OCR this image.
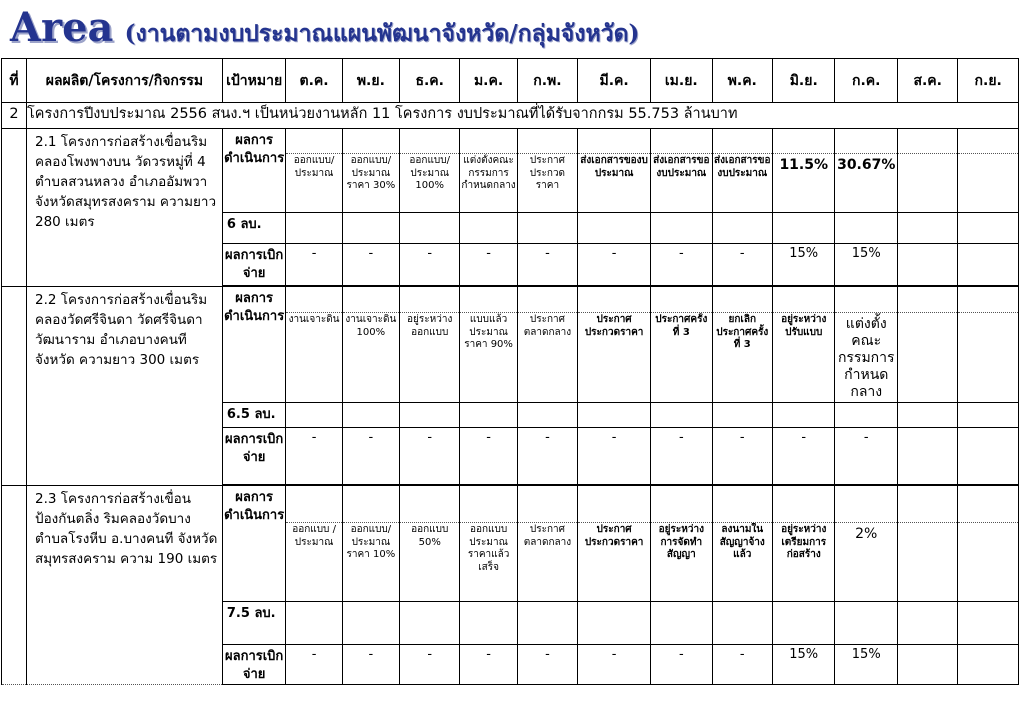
Area (งานตามงบประมาณแผนพัฒนาจังหวัด/กลุ่มจังหวัด)
ที่	ผลผลิต/โครงการ/กิจกรรม	เป้าหมาย	ต.ค.	พ.ย.	ธ.ค.	ม.ค.	ก.พ.	มี.ค.	เม.ย.	พ.ค.	มิ.ย.	ก.ค.	ส.ค.	ก.ย.
2	โครงการปีงบประมาณ 2556 สนง.ฯ เป็นหน่วยงานหลัก 11 โครงการ งบประมาณที่ได้รับจากกรม 55.753 ล้านบาท													
	2.1 โครงการก่อสร้างเขื่อนริมคลองโพงพางบน วัดวรหมู่ที่ 4 ตำบลสวนหลวง อำเภออัมพวา จังหวัดสมุทรสงคราม ความยาว 280 เมตร	ผลการดำเนินการ												
			ออกแบบ/ประมาณ	ออกแบบ/ประมาณราคา 30%	ออกแบบ/ประมาณ 100%	แต่งตั้งคณะกรรมการกำหนดกลาง	ประกาศประกวดราคา	ส่งเอกสารของบประมาณ	ส่งเอกสารของบประมาณ	ส่งเอกสารของบประมาณ	11.5%	30.67%		
		6 ลบ.												
		ผลการเบิกจ่าย	-	-	-	-	-	-	-	-	15%	15%		

	2.2 โครงการก่อสร้างเขื่อนริมคลองวัดศรีจินดา วัดศรีจินดาวัฒนาราม อำเภอบางคนที จังหวัด ความยาว 300 เมตร	ผลการดำเนินการ												
			งานเจาะดิน	งานเจาะดิน 100%	อยู่ระหว่างออกแบบ	แบบแล้วประมาณราคา 90%	ประกาศตลาดกลาง	ประกาศประกวดราคา	ประกาศครั้งที่ 3	ยกเลิกประกาศครั้งที่ 3	อยู่ระหว่างปรับแบบ	แต่งตั้งคณะกรรมการกำหนดกลาง		
		6.5 ลบ.												
		ผลการเบิกจ่าย	-	-	-	-	-	-	-	-	-	-		

	2.3 โครงการก่อสร้างเขื่อนป้องกันตลิ่ง ริมคลองวัดบางตำบลโรงหีบ อ.บางคนที จังหวัดสมุทรสงคราม ความ 190 เมตร	ผลการดำเนินการ												
			ออกแบบ / ประมาณ	ออกแบบ/ประมาณราคา 10%	ออกแบบ 50%	ออกแบบประมาณราคาแล้วเสร็จ	ประกาศตลาดกลาง	ประกาศประกวดราคา	อยู่ระหว่างการจัดทำสัญญา	ลงนามในสัญญาจ้างแล้ว	อยู่ระหว่างเตรียมการก่อสร้าง	2%		
		7.5 ลบ.												
		ผลการเบิกจ่าย	-	-	-	-	-	-	-	-	15%	15%		
